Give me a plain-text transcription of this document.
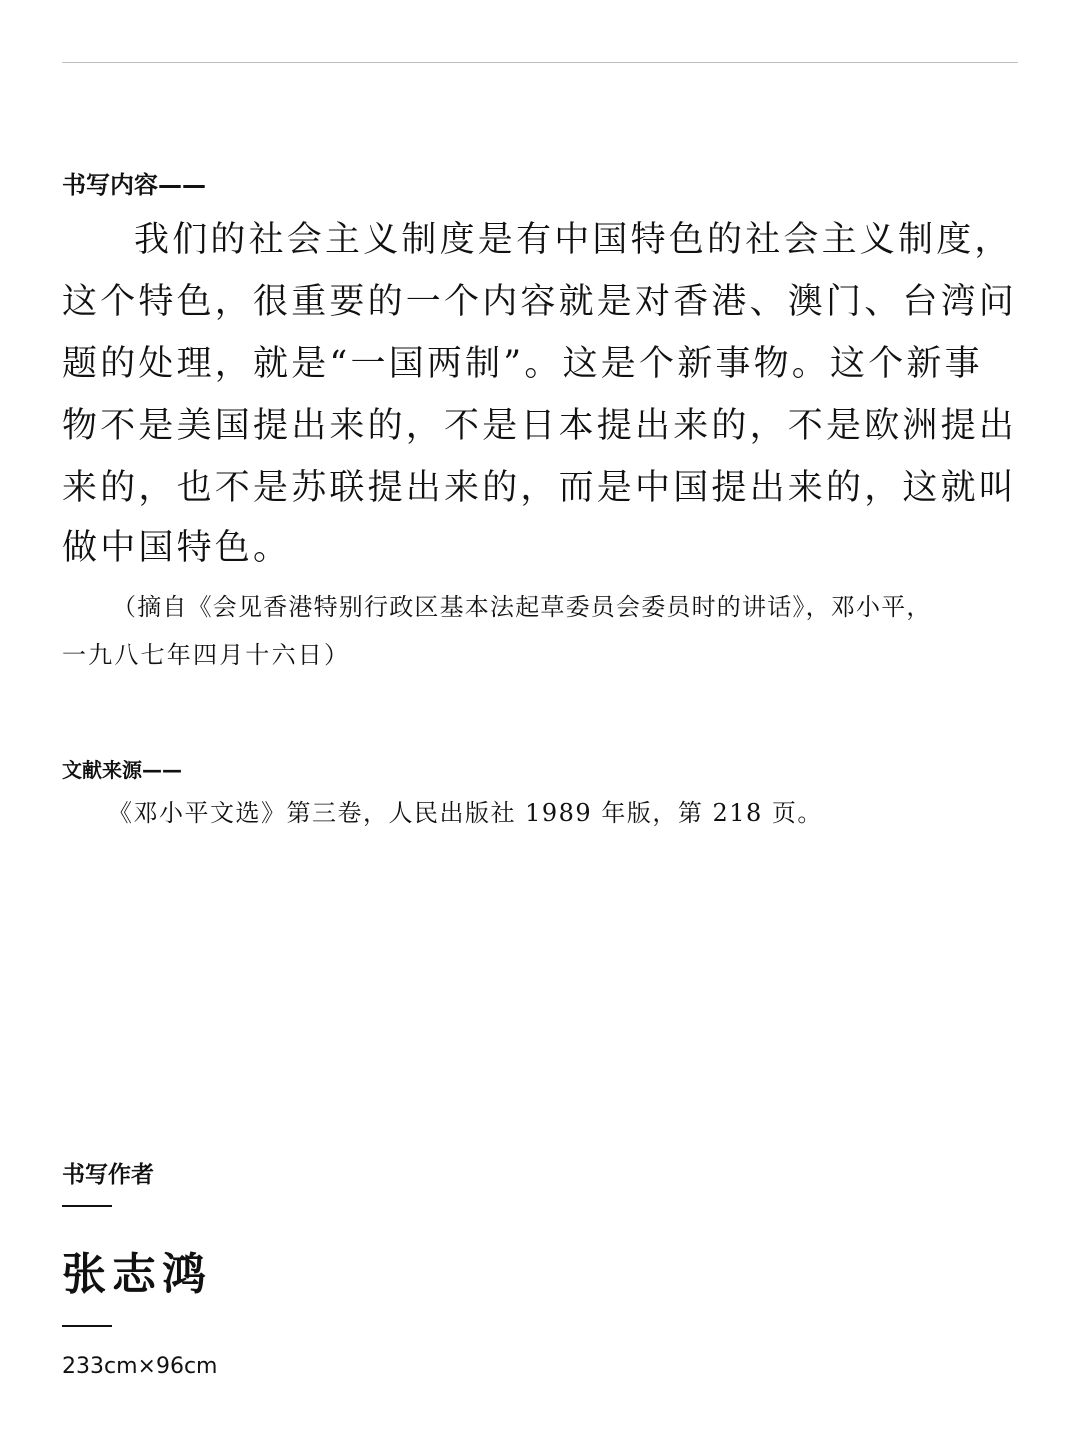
书写内容——
我们的社会主义制度是有中国特色的社会主义制度，
这个特色，很重要的一个内容就是对香港、澳门、台湾问
题的处理，就是“一国两制”。这是个新事物。这个新事
物不是美国提出来的，不是日本提出来的，不是欧洲提出
来的，也不是苏联提出来的，而是中国提出来的，这就叫
做中国特色。
（摘自《会见香港特别行政区基本法起草委员会委员时的讲话》，邓小平，
一九八七年四月十六日）
文献来源——
《邓小平文选》第三卷，人民出版社 1989 年版，第 218 页。
书写作者
张志鸿
233cm×96cm
